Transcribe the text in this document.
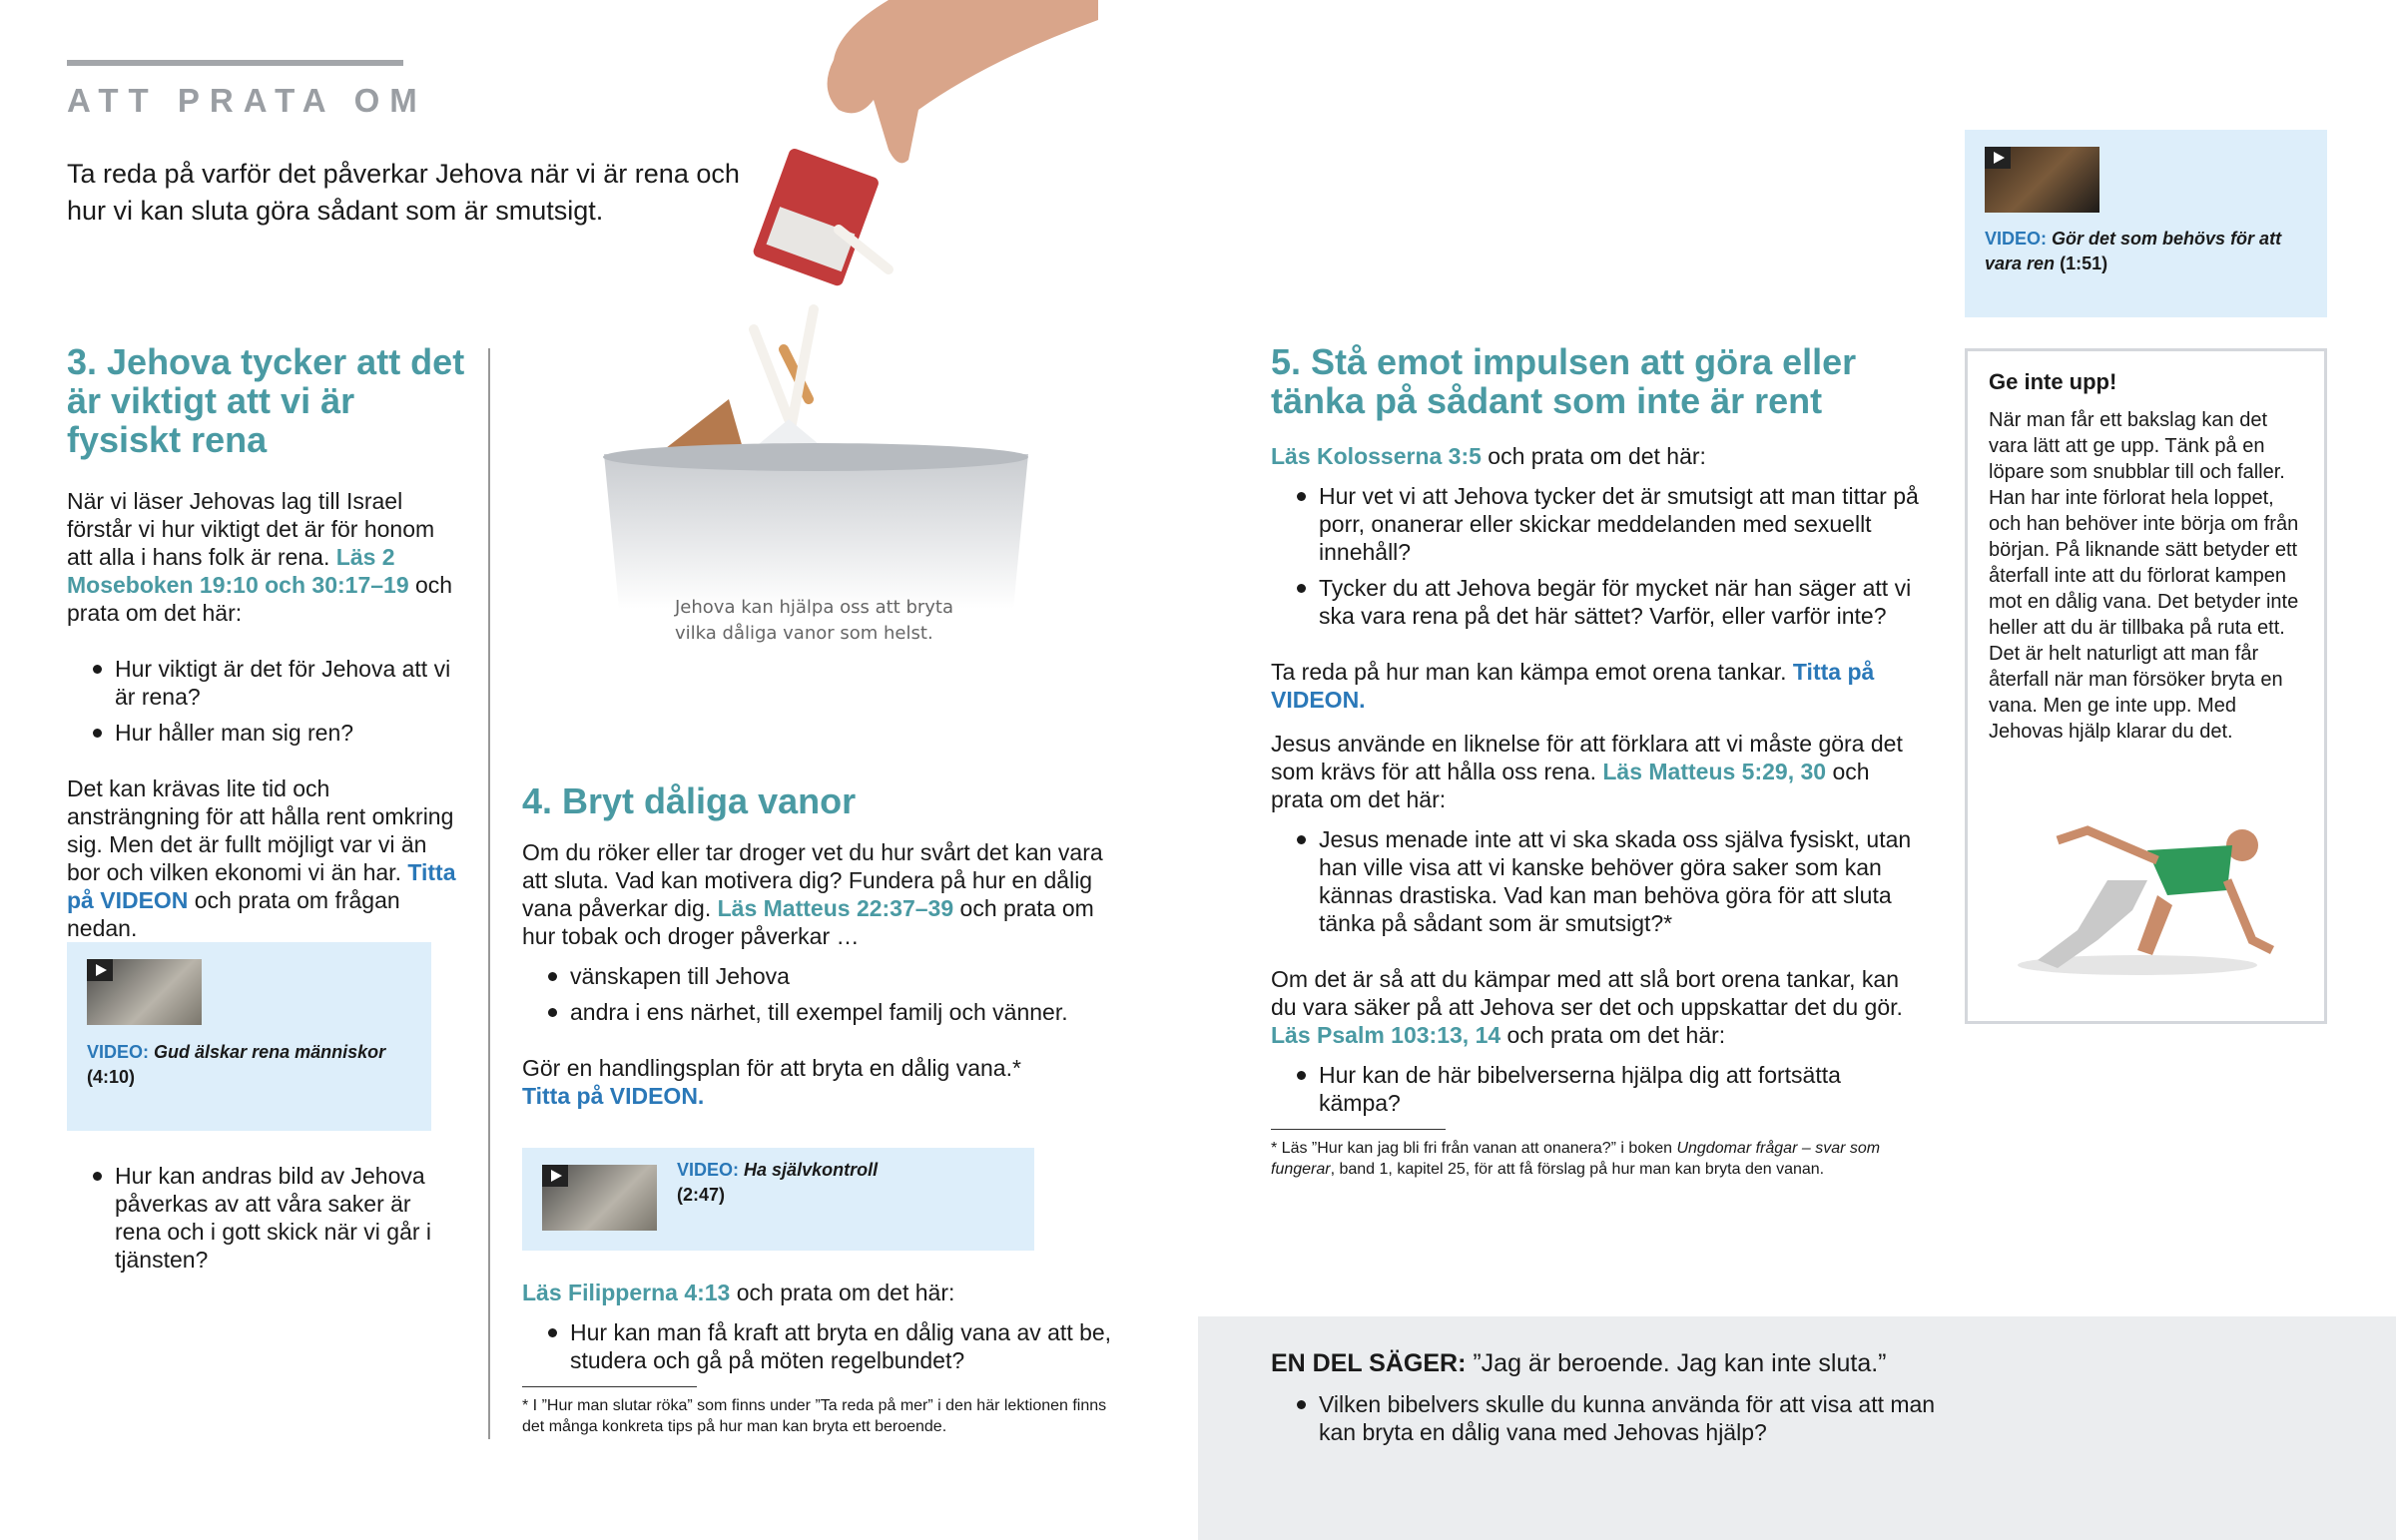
ATT PRATA OM
Ta reda på varför det påverkar Jehova när vi är rena och hur vi kan sluta göra sådant som är smutsigt.
Jehova kan hjälpa oss att bryta vilka dåliga vanor som helst.
3. Jehova tycker att det är viktigt att vi är fysiskt rena

När vi läser Jehovas lag till Israel förstår vi hur viktigt det är för honom att alla i hans folk är rena. Läs 2 Moseboken 19:10 och 30:17–19 och prata om det här:

Hur viktigt är det för Jehova att vi är rena?
Hur håller man sig ren?

Det kan krävas lite tid och ansträngning för att hålla rent omkring sig. Men det är fullt möjligt var vi än bor och vilken ekonomi vi än har. Titta på VIDEON och prata om frågan nedan.

VIDEO: Gud älskar rena människor
(4:10)
Hur kan andras bild av Jehova påverkas av att våra saker är rena och i gott skick när vi går i tjänsten?
4. Bryt dåliga vanor

Om du röker eller tar droger vet du hur svårt det kan vara att sluta. Vad kan motivera dig? Fundera på hur en dålig vana påverkar dig. Läs Matteus 22:37–39 och prata om hur tobak och droger påverkar …

vänskapen till Jehova
andra i ens närhet, till exempel familj och vänner.

Gör en handlingsplan för att bryta en dålig vana.*
Titta på VIDEON.

VIDEO: Ha självkontroll
(2:47)

Läs Filipperna 4:13 och prata om det här:

Hur kan man få kraft att bryta en dålig vana av att be, studera och gå på möten regelbundet?
* I ”Hur man slutar röka” som finns under ”Ta reda på mer” i den här lektionen finns det många konkreta tips på hur man kan bryta ett beroende.
5. Stå emot impulsen att göra eller tänka på sådant som inte är rent

Läs Kolosserna 3:5 och prata om det här:

Hur vet vi att Jehova tycker det är smutsigt att man tittar på porr, onanerar eller skickar meddelanden med sexuellt innehåll?
Tycker du att Jehova begär för mycket när han säger att vi ska vara rena på det här sättet? Varför, eller varför inte?

Ta reda på hur man kan kämpa emot orena tankar. Titta på VIDEON.

Jesus använde en liknelse för att förklara att vi måste göra det som krävs för att hålla oss rena. Läs Matteus 5:29, 30 och prata om det här:

Jesus menade inte att vi ska skada oss själva fysiskt, utan han ville visa att vi kanske behöver göra saker som kan kännas drastiska. Vad kan man behöva göra för att sluta tänka på sådant som är smutsigt?*

Om det är så att du kämpar med att slå bort orena tankar, kan du vara säker på att Jehova ser det och uppskattar det du gör. Läs Psalm 103:13, 14 och prata om det här:

Hur kan de här bibelverserna hjälpa dig att fortsätta kämpa?
* Läs ”Hur kan jag bli fri från vanan att onanera?” i boken Ungdomar frågar – svar som fungerar, band 1, kapitel 25, för att få förslag på hur man kan bryta den vanan.
VIDEO: Gör det som behövs för att vara ren (1:51)
Ge inte upp!
När man får ett bakslag kan det vara lätt att ge upp. Tänk på en löpare som snubblar till och faller. Han har inte förlorat hela loppet, och han behöver inte börja om från början. På liknande sätt betyder ett återfall inte att du förlorat kampen mot en dålig vana. Det betyder inte heller att du är tillbaka på ruta ett. Det är helt naturligt att man får återfall när man försöker bryta en vana. Men ge inte upp. Med Jehovas hjälp klarar du det.
EN DEL SÄGER: ”Jag är beroende. Jag kan inte sluta.”
Vilken bibelvers skulle du kunna använda för att visa att man kan bryta en dålig vana med Jehovas hjälp?
